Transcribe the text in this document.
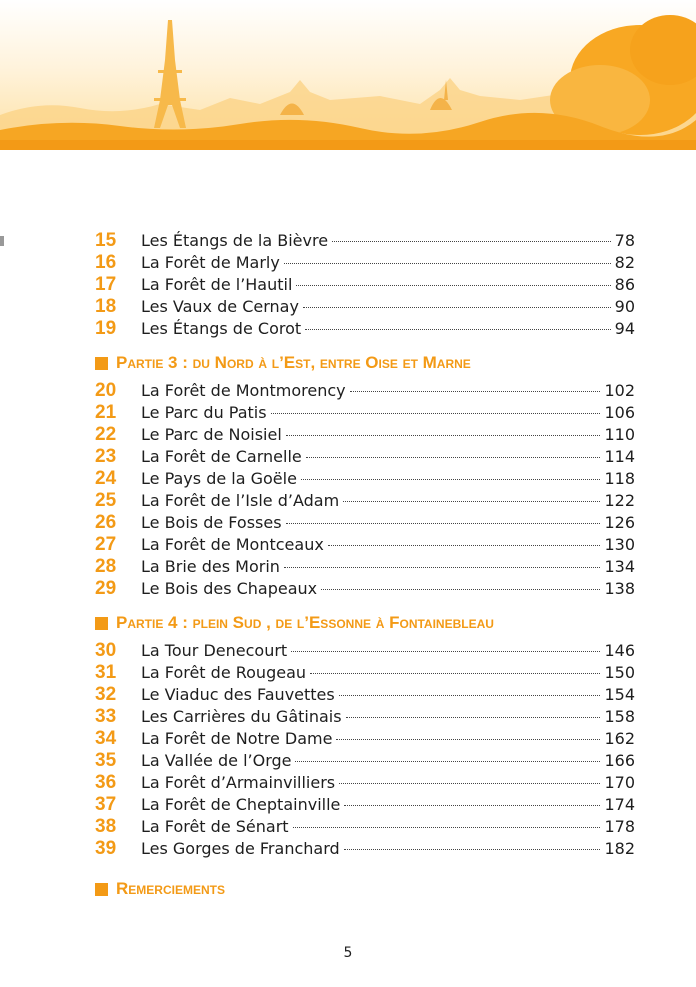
15	Les Étangs de la Bièvre	78
16	La Forêt de Marly	82
17	La Forêt de l’Hautil	86
18	Les Vaux de Cernay	90
19	Les Étangs de Corot	94
Partie 3 : du Nord à l’Est, entre Oise et Marne
20	La Forêt de Montmorency	102
21	Le Parc du Patis	106
22	Le Parc de Noisiel	110
23	La Forêt de Carnelle	114
24	Le Pays de la Goële	118
25	La Forêt de l’Isle d’Adam	122
26	Le Bois de Fosses	126
27	La Forêt de Montceaux	130
28	La Brie des Morin	134
29	Le Bois des Chapeaux	138
Partie 4 : plein Sud , de l’Essonne à Fontainebleau
30	La Tour Denecourt	146
31	La Forêt de Rougeau	150
32	Le Viaduc des Fauvettes	154
33	Les Carrières du Gâtinais	158
34	La Forêt de Notre Dame	162
35	La Vallée de l’Orge	166
36	La Forêt d’Armainvilliers	170
37	La Forêt de Cheptainville	174
38	La Forêt de Sénart	178
39	Les Gorges de Franchard	182
Remerciements
5
